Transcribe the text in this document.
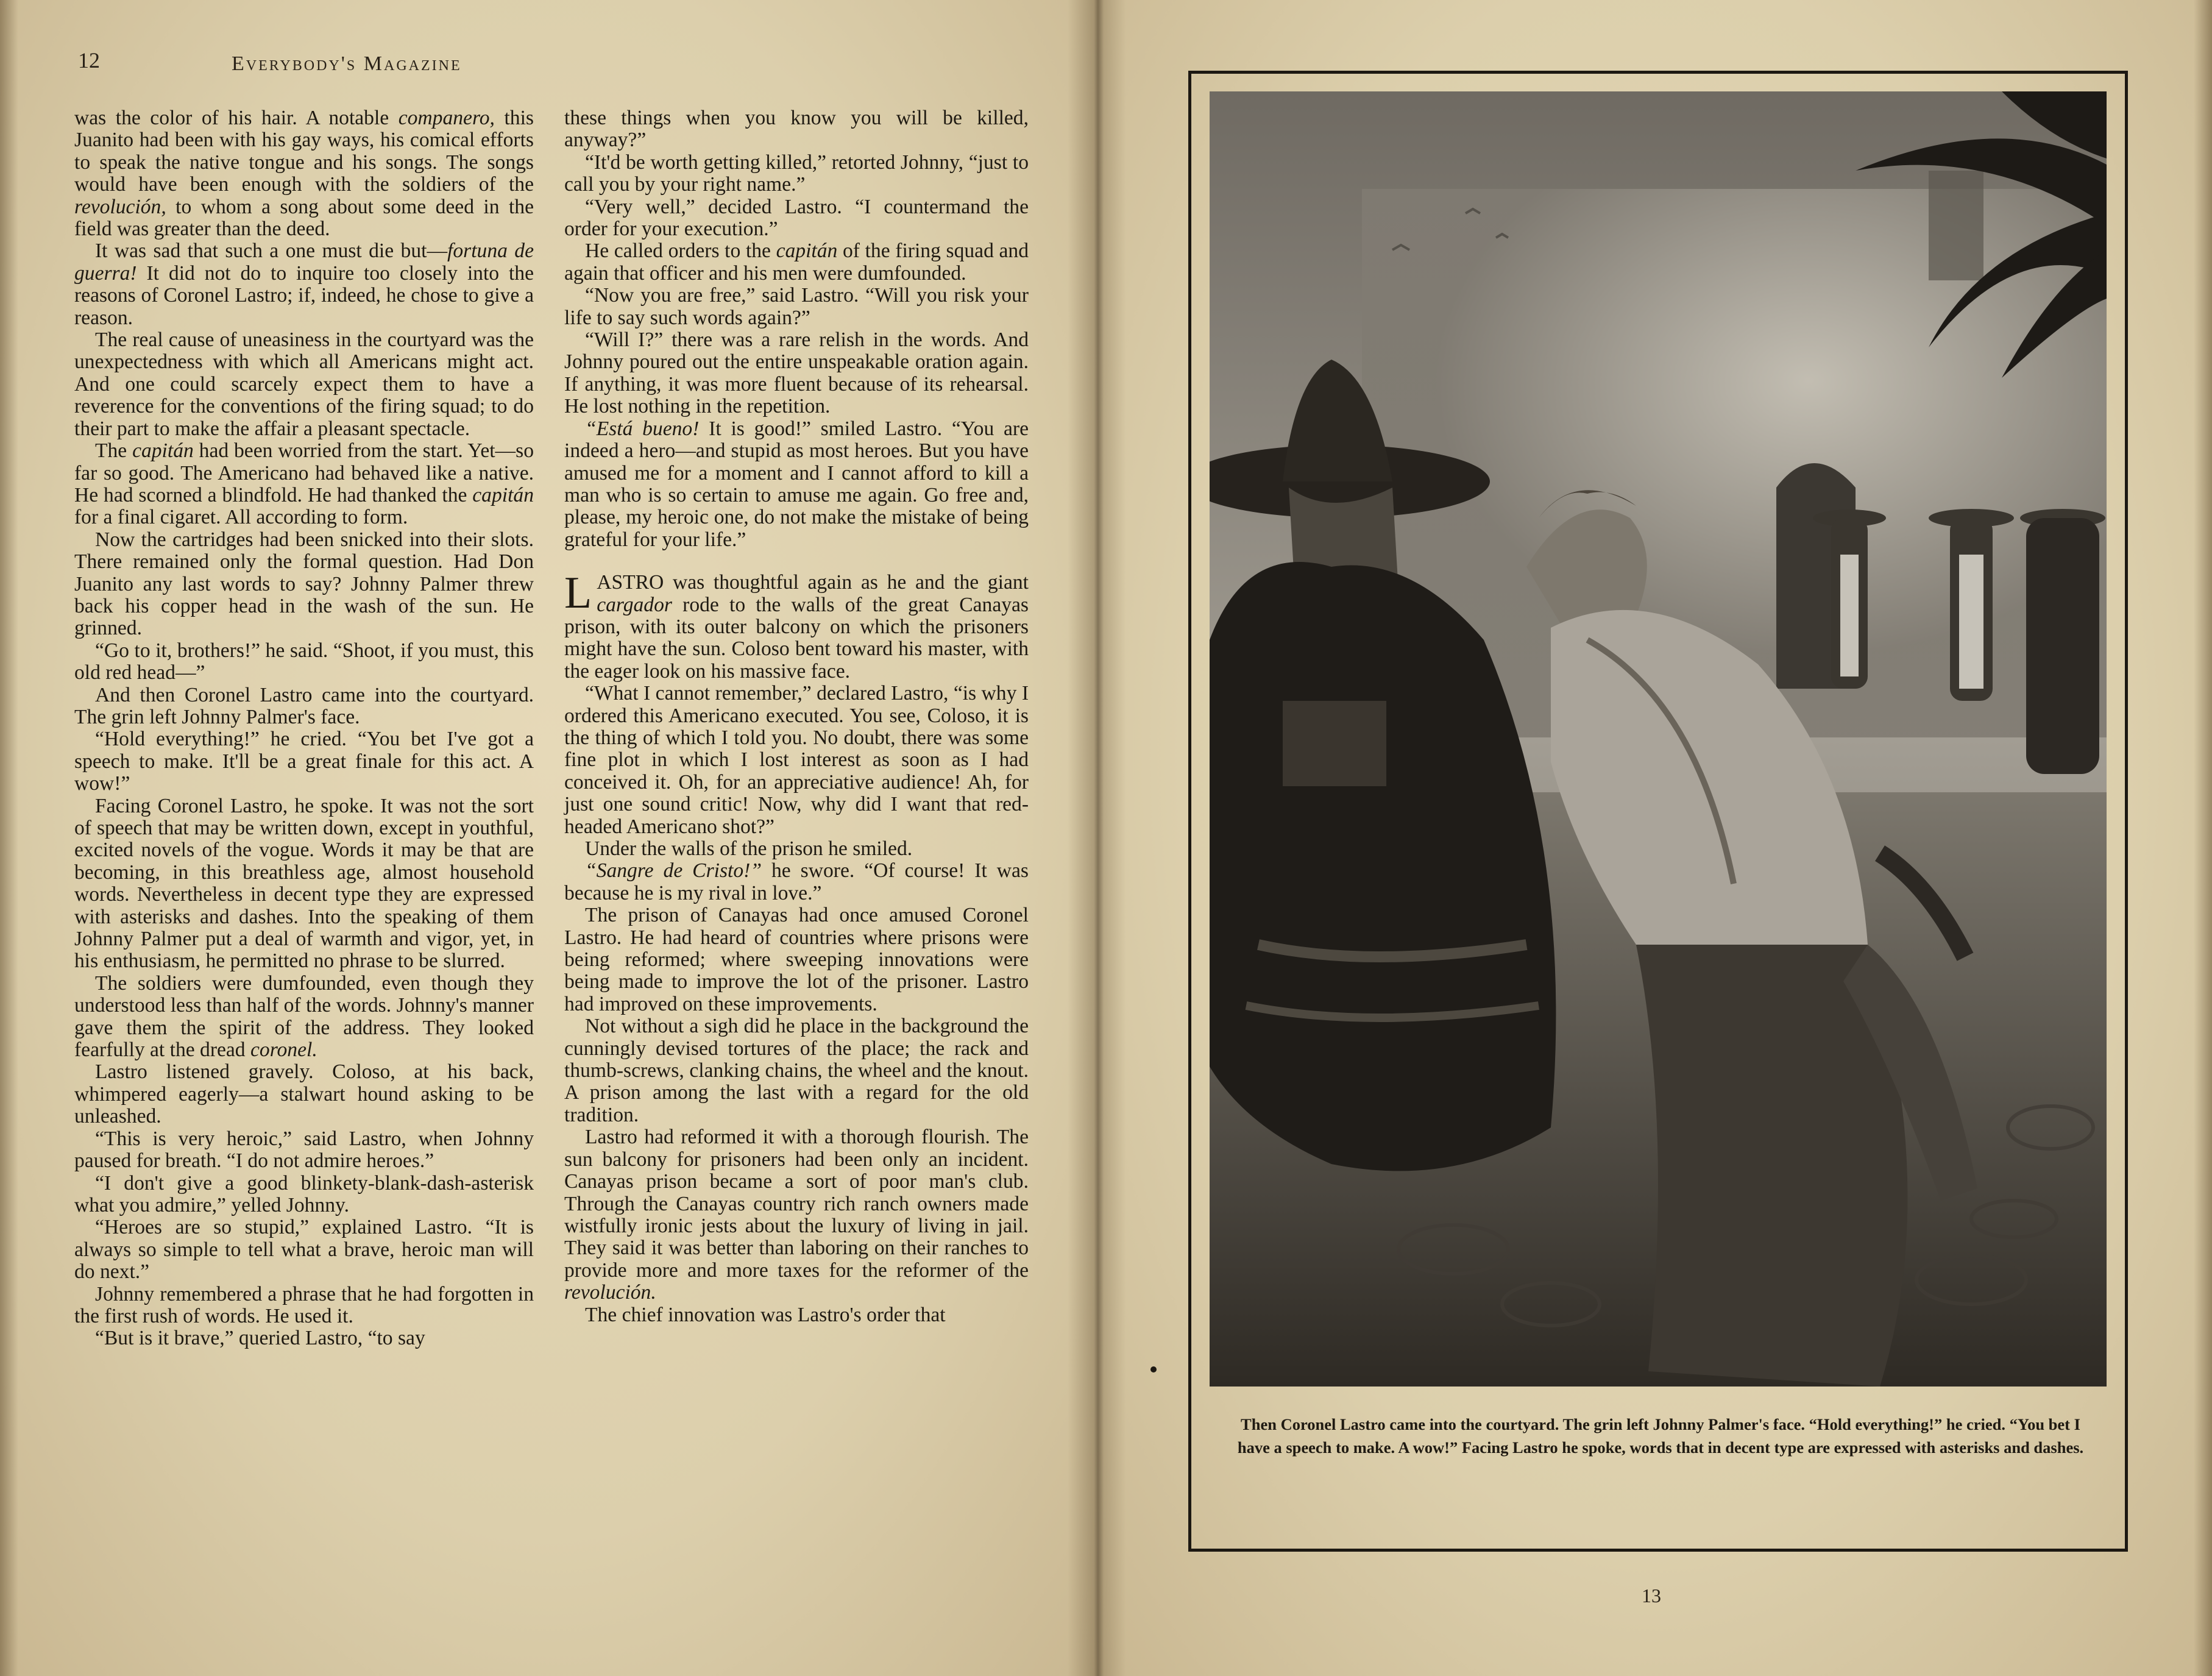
12	Everybody's Magazine

was the color of his hair. A notable companero, this Juanito had been with his gay ways, his comical efforts to speak the native tongue and his songs. The songs would have been enough with the soldiers of the revolución, to whom a song about some deed in the field was greater than the deed.

It was sad that such a one must die but—fortuna de guerra! It did not do to inquire too closely into the reasons of Coronel Lastro; if, indeed, he chose to give a reason.

The real cause of uneasiness in the courtyard was the unexpectedness with which all Americans might act. And one could scarcely expect them to have a reverence for the conventions of the firing squad; to do their part to make the affair a pleasant spectacle.

The capitán had been worried from the start. Yet—so far so good. The Americano had behaved like a native. He had scorned a blindfold. He had thanked the capitán for a final cigaret. All according to form.

Now the cartridges had been snicked into their slots. There remained only the formal question. Had Don Juanito any last words to say? Johnny Palmer threw back his copper head in the wash of the sun. He grinned.

“Go to it, brothers!” he said. “Shoot, if you must, this old red head—”

And then Coronel Lastro came into the courtyard. The grin left Johnny Palmer's face.

“Hold everything!” he cried. “You bet I've got a speech to make. It'll be a great finale for this act. A wow!”

Facing Coronel Lastro, he spoke. It was not the sort of speech that may be written down, except in youthful, excited novels of the vogue. Words it may be that are becoming, in this breathless age, almost household words. Nevertheless in decent type they are expressed with asterisks and dashes. Into the speaking of them Johnny Palmer put a deal of warmth and vigor, yet, in his enthusiasm, he permitted no phrase to be slurred.

The soldiers were dumfounded, even though they understood less than half of the words. Johnny's manner gave them the spirit of the address. They looked fearfully at the dread coronel.

Lastro listened gravely. Coloso, at his back, whimpered eagerly—a stalwart hound asking to be unleashed.

“This is very heroic,” said Lastro, when Johnny paused for breath. “I do not admire heroes.”

“I don't give a good blinkety-blank-dash-asterisk what you admire,” yelled Johnny.

“Heroes are so stupid,” explained Lastro. “It is always so simple to tell what a brave, heroic man will do next.”

Johnny remembered a phrase that he had forgotten in the first rush of words. He used it.

“But is it brave,” queried Lastro, “to say

these things when you know you will be killed, anyway?”

“It'd be worth getting killed,” retorted Johnny, “just to call you by your right name.”

“Very well,” decided Lastro. “I countermand the order for your execution.”

He called orders to the capitán of the firing squad and again that officer and his men were dumfounded.

“Now you are free,” said Lastro. “Will you risk your life to say such words again?”

“Will I?” there was a rare relish in the words. And Johnny poured out the entire unspeakable oration again. If anything, it was more fluent because of its rehearsal. He lost nothing in the repetition.

“Está bueno! It is good!” smiled Lastro. “You are indeed a hero—and stupid as most heroes. But you have amused me for a moment and I cannot afford to kill a man who is so certain to amuse me again. Go free and, please, my heroic one, do not make the mistake of being grateful for your life.”

LASTRO was thoughtful again as he and the giant cargador rode to the walls of the great Canayas prison, with its outer balcony on which the prisoners might have the sun. Coloso bent toward his master, with the eager look on his massive face.

“What I cannot remember,” declared Lastro, “is why I ordered this Americano executed. You see, Coloso, it is the thing of which I told you. No doubt, there was some fine plot in which I lost interest as soon as I had conceived it. Oh, for an appreciative audience! Ah, for just one sound critic! Now, why did I want that red-headed Americano shot?”

Under the walls of the prison he smiled.

“Sangre de Cristo!” he swore. “Of course! It was because he is my rival in love.”

The prison of Canayas had once amused Coronel Lastro. He had heard of countries where prisons were being reformed; where sweeping innovations were being made to improve the lot of the prisoner. Lastro had improved on these improvements.

Not without a sigh did he place in the background the cunningly devised tortures of the place; the rack and thumb-screws, clanking chains, the wheel and the knout. A prison among the last with a regard for the old tradition.

Lastro had reformed it with a thorough flourish. The sun balcony for prisoners had been only an incident. Canayas prison became a sort of poor man's club. Through the Canayas country rich ranch owners made wistfully ironic jests about the luxury of living in jail. They said it was better than laboring on their ranches to provide more and more taxes for the reformer of the revolución.

The chief innovation was Lastro's order that

Then Coronel Lastro came into the courtyard. The grin left Johnny Palmer's face. “Hold everything!” he cried. “You bet I have a speech to make. A wow!” Facing Lastro he spoke, words that in decent type are expressed with asterisks and dashes.
13
